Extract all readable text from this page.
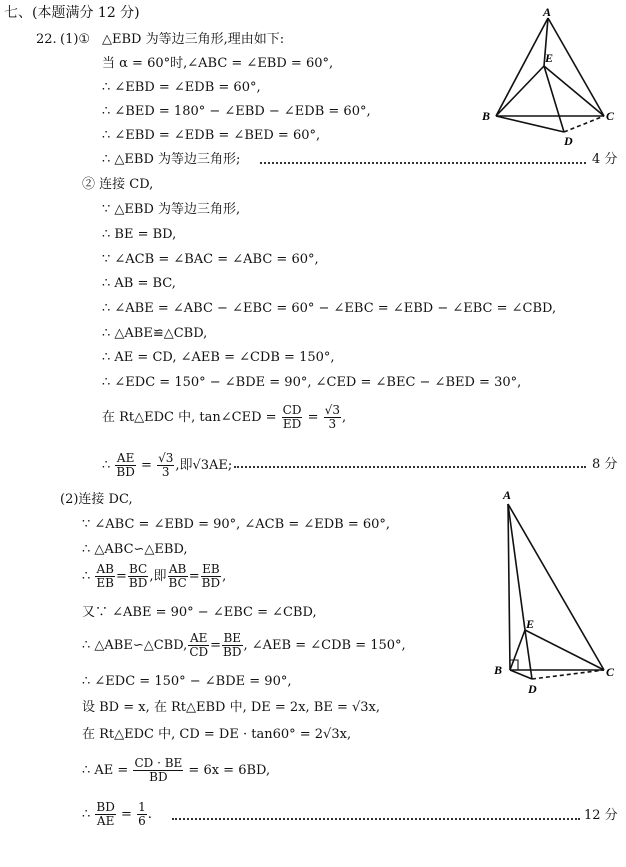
七、(本题满分 12 分)
22. (1)① △EBD 为等边三角形,理由如下:
当 α = 60°时,∠ABC = ∠EBD = 60°,
∴ ∠EBD = ∠EDB = 60°,
∴ ∠BED = 180° − ∠EBD − ∠EDB = 60°,
∴ ∠EBD = ∠EDB = ∠BED = 60°,
∴ △EBD 为等边三角形;	4 分
② 连接 CD,
∵ △EBD 为等边三角形,
∴ BE = BD,
∵ ∠ACB = ∠BAC = ∠ABC = 60°,
∴ AB = BC,
∴ ∠ABE = ∠ABC − ∠EBC = 60° − ∠EBC = ∠EBD − ∠EBC = ∠CBD,
∴ △ABE≌△CBD,
∴ AE = CD, ∠AEB = ∠CDB = 150°,
∴ ∠EDC = 150° − ∠BDE = 90°, ∠CED = ∠BEC − ∠BED = 30°,
在 Rt△EDC 中, tan∠CED = $\frac{CD}{ED} = \frac{√3}{3}$ ,
∴ $\frac{AE}{BD} = \frac{√3}{3}$ ,即√3AE;	8 分
(2)连接 DC,
∵ ∠ABC = ∠EBD = 90°, ∠ACB = ∠EDB = 60°,
∴ △ABC∽△EBD,
∴ $\frac{AB}{EB} = \frac{BC}{BD}$ ,即 $\frac{AB}{BC} = \frac{EB}{BD}$ ,
又∵ ∠ABE = 90° − ∠EBC = ∠CBD,
∴ △ABE∽△CBD, $\frac{AE}{CD} = \frac{BE}{BD}$ , ∠AEB = ∠CDB = 150°,
∴ ∠EDC = 150° − ∠BDE = 90°,
设 BD = x, 在 Rt△EBD 中, DE = 2x, BE = √3x,
在 Rt△EDC 中, CD = DE · tan60° = 2√3x,
∴ AE = $\frac{CD \cdot BE}{BD} = 6x = 6BD$,
∴ $\frac{BD}{AE} = \frac{1}{6}$ .	12 分
A
E
B	C
D
A
E
B	C
D
